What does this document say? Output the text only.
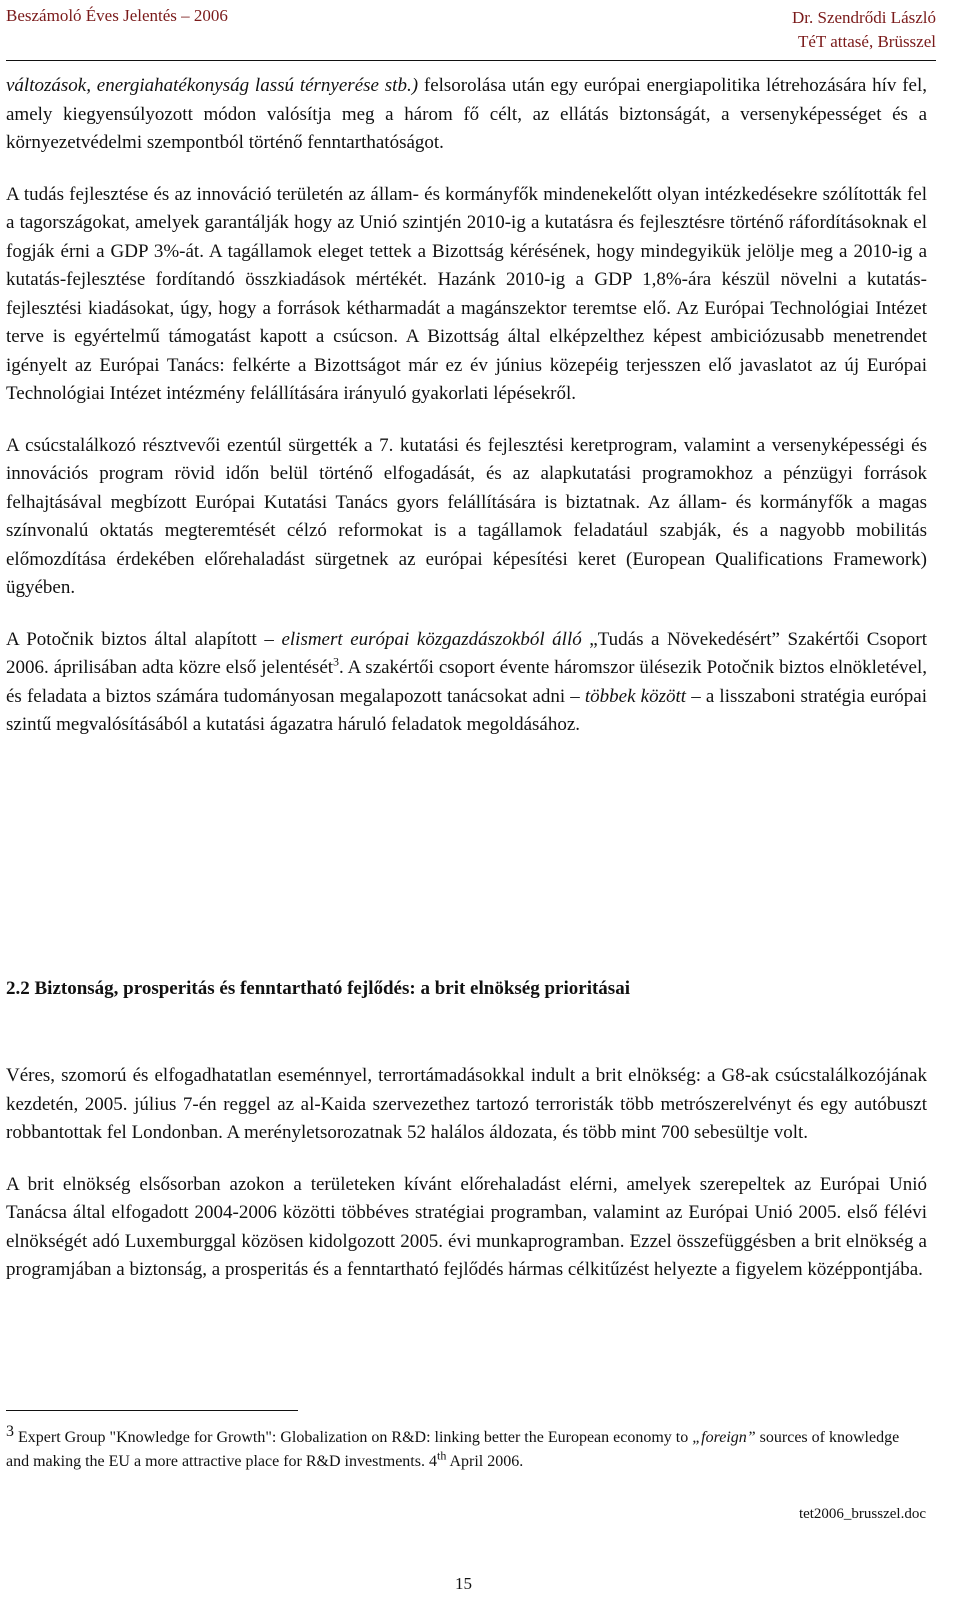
Beszámoló Éves Jelentés – 2006	Dr. Szendrődi László
TéT attasé, Brüsszel

változások, energiahatékonyság lassú térnyerése stb.) felsorolása után egy európai energiapolitika létrehozására hív fel, amely kiegyensúlyozott módon valósítja meg a három fő célt, az ellátás biztonságát, a versenyképességet és a környezetvédelmi szempontból történő fenntarthatóságot.

A tudás fejlesztése és az innováció területén az állam- és kormányfők mindenekelőtt olyan intézkedésekre szólították fel a tagországokat, amelyek garantálják hogy az Unió szintjén 2010-ig a kutatásra és fejlesztésre történő ráfordításoknak el fogják érni a GDP 3%-át. A tagállamok eleget tettek a Bizottság kérésének, hogy mindegyikük jelölje meg a 2010-ig a kutatás-fejlesztése fordítandó összkiadások mértékét. Hazánk 2010-ig a GDP 1,8%-ára készül növelni a kutatás-fejlesztési kiadásokat, úgy, hogy a források kétharmadát a magánszektor teremtse elő. Az Európai Technológiai Intézet terve is egyértelmű támogatást kapott a csúcson. A Bizottság által elképzelthez képest ambiciózusabb menetrendet igényelt az Európai Tanács: felkérte a Bizottságot már ez év június közepéig terjesszen elő javaslatot az új Európai Technológiai Intézet intézmény felállítására irányuló gyakorlati lépésekről.

A csúcstalálkozó résztvevői ezentúl sürgették a 7. kutatási és fejlesztési keretprogram, valamint a versenyképességi és innovációs program rövid időn belül történő elfogadását, és az alapkutatási programokhoz a pénzügyi források felhajtásával megbízott Európai Kutatási Tanács gyors felállítására is biztatnak. Az állam- és kormányfők a magas színvonalú oktatás megteremtését célzó reformokat is a tagállamok feladatául szabják, és a nagyobb mobilitás előmozdítása érdekében előrehaladást sürgetnek az európai képesítési keret (European Qualifications Framework) ügyében.

A Potočnik biztos által alapított – elismert európai közgazdászokból álló „Tudás a Növekedésért” Szakértői Csoport 2006. áprilisában adta közre első jelentését$^3$. A szakértői csoport évente háromszor ülésezik Potočnik biztos elnökletével, és feladata a biztos számára tudományosan megalapozott tanácsokat adni – többek között – a lisszaboni stratégia európai szintű megvalósításából a kutatási ágazatra háruló feladatok megoldásához.

2.2 Biztonság, prosperitás és fenntartható fejlődés: a brit elnökség prioritásai

Véres, szomorú és elfogadhatatlan eseménnyel, terrortámadásokkal indult a brit elnökség: a G8-ak csúcstalálkozójának kezdetén, 2005. július 7-én reggel az al-Kaida szervezethez tartozó terroristák több metrószerelvényt és egy autóbuszt robbantottak fel Londonban. A merényletsorozatnak 52 halálos áldozata, és több mint 700 sebesültje volt.

A brit elnökség elsősorban azokon a területeken kívánt előrehaladást elérni, amelyek szerepeltek az Európai Unió Tanácsa által elfogadott 2004-2006 közötti többéves stratégiai programban, valamint az Európai Unió 2005. első félévi elnökségét adó Luxemburggal közösen kidolgozott 2005. évi munkaprogramban. Ezzel összefüggésben a brit elnökség a programjában a biztonság, a prosperitás és a fenntartható fejlődés hármas célkitűzést helyezte a figyelem középpontjába.

3 Expert Group "Knowledge for Growth": Globalization on R&D: linking better the European economy to „foreign” sources of knowledge and making the EU a more attractive place for R&D investments. 4th April 2006.
tet2006_brusszel.doc
15
